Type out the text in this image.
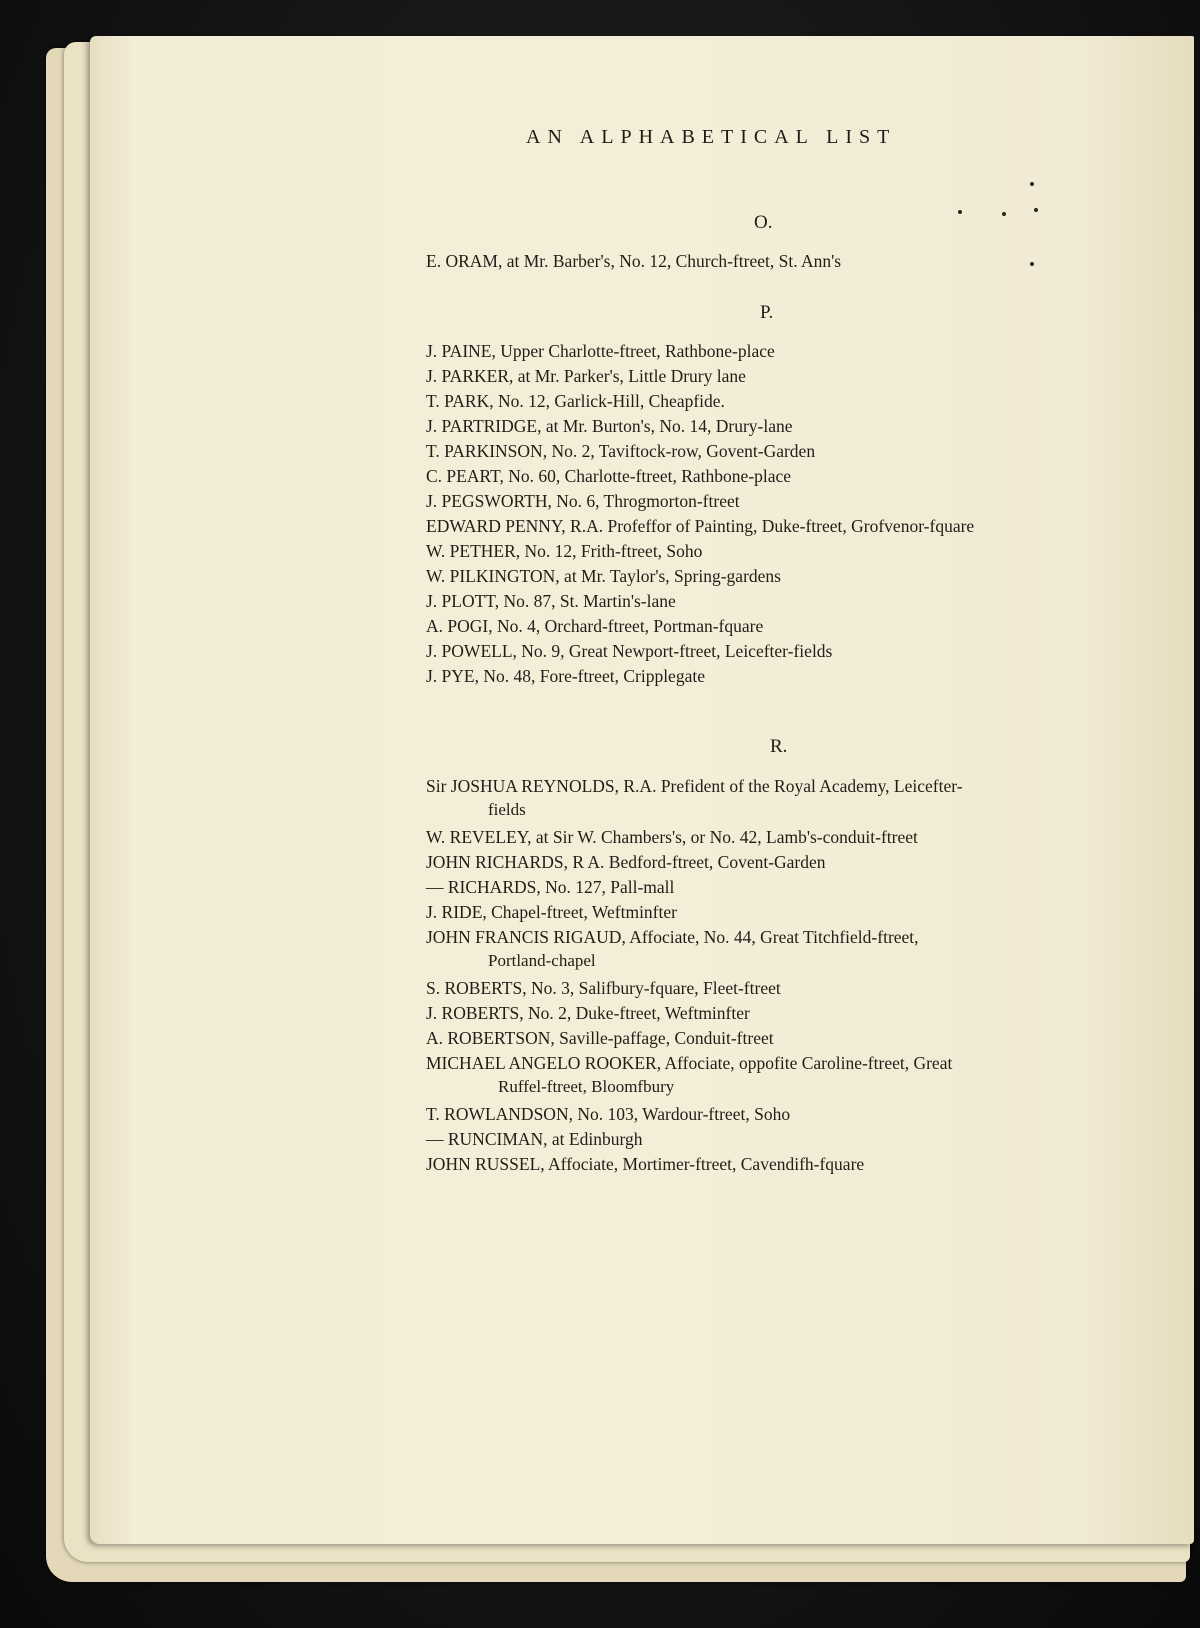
AN ALPHABETICAL LIST
O.
E. ORAM, at Mr. Barber's, No. 12, Church-ftreet, St. Ann's
P.
J. PAINE, Upper Charlotte-ftreet, Rathbone-place
J. PARKER, at Mr. Parker's, Little Drury lane
T. PARK, No. 12, Garlick-Hill, Cheapfide.
J. PARTRIDGE, at Mr. Burton's, No. 14, Drury-lane
T. PARKINSON, No. 2, Taviftock-row, Govent-Garden
C. PEART, No. 60, Charlotte-ftreet, Rathbone-place
J. PEGSWORTH, No. 6, Throgmorton-ftreet
EDWARD PENNY, R.A. Profeffor of Painting, Duke-ftreet, Grofvenor-fquare
W. PETHER, No. 12, Frith-ftreet, Soho
W. PILKINGTON, at Mr. Taylor's, Spring-gardens
J. PLOTT, No. 87, St. Martin's-lane
A. POGI, No. 4, Orchard-ftreet, Portman-fquare
J. POWELL, No. 9, Great Newport-ftreet, Leicefter-fields
J. PYE, No. 48, Fore-ftreet, Cripplegate
R.
Sir JOSHUA REYNOLDS, R.A. Prefident of the Royal Academy, Leicefter-
fields
W. REVELEY, at Sir W. Chambers's, or No. 42, Lamb's-conduit-ftreet
JOHN RICHARDS, R A. Bedford-ftreet, Covent-Garden
— RICHARDS, No. 127, Pall-mall
J. RIDE, Chapel-ftreet, Weftminfter
JOHN FRANCIS RIGAUD, Affociate, No. 44, Great Titchfield-ftreet,
Portland-chapel
S. ROBERTS, No. 3, Salifbury-fquare, Fleet-ftreet
J. ROBERTS, No. 2, Duke-ftreet, Weftminfter
A. ROBERTSON, Saville-paffage, Conduit-ftreet
MICHAEL ANGELO ROOKER, Affociate, oppofite Caroline-ftreet, Great
Ruffel-ftreet, Bloomfbury
T. ROWLANDSON, No. 103, Wardour-ftreet, Soho
— RUNCIMAN, at Edinburgh
JOHN RUSSEL, Affociate, Mortimer-ftreet, Cavendifh-fquare
